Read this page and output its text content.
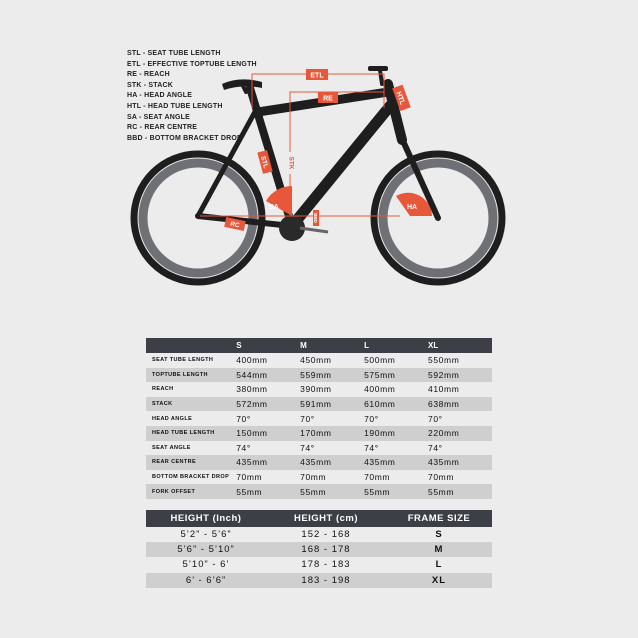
STL - SEAT TUBE LENGTH
ETL - EFFECTIVE TOPTUBE LENGTH
RE - REACH
STK - STACK
HA - HEAD ANGLE
HTL - HEAD TUBE LENGTH
SA - SEAT ANGLE
RC - REAR CENTRE
BBD - BOTTOM BRACKET DROP
ETL
RE	HTL
STL	STK
SA	HA
RC
BBD
	S	M	L	XL
SEAT TUBE LENGTH	400mm	450mm	500mm	550mm
TOPTUBE LENGTH	544mm	559mm	575mm	592mm
REACH	380mm	390mm	400mm	410mm
STACK	572mm	591mm	610mm	638mm
HEAD ANGLE	70°	70°	70°	70°
HEAD TUBE LENGTH	150mm	170mm	190mm	220mm
SEAT ANGLE	74°	74°	74°	74°
REAR CENTRE	435mm	435mm	435mm	435mm
BOTTOM BRACKET DROP	70mm	70mm	70mm	70mm
FORK OFFSET	55mm	55mm	55mm	55mm
HEIGHT (Inch)	HEIGHT (cm)	FRAME SIZE
5’2” - 5’6”	152 - 168	S
5’6” - 5’10”	168 - 178	M
5’10” - 6’	178 - 183	L
6’ - 6’6”	183 - 198	XL
